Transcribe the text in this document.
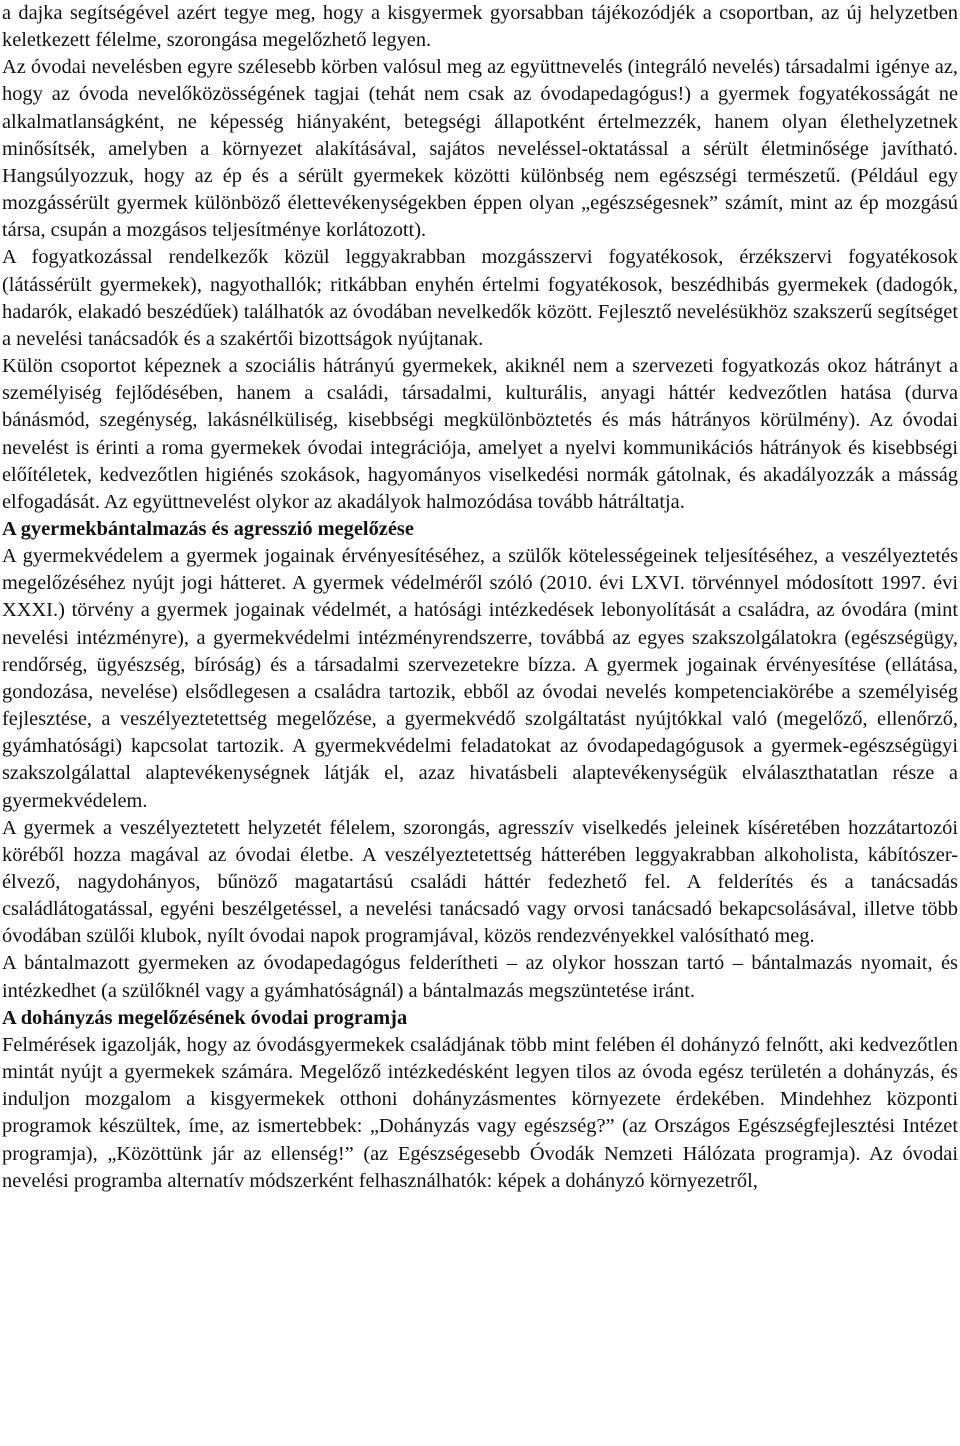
a dajka segítségével azért tegye meg, hogy a kisgyermek gyorsabban tájékozódjék a csoportban, az új helyzetben keletkezett félelme, szorongása megelőzhető legyen.

Az óvodai nevelésben egyre szélesebb körben valósul meg az együttnevelés (integráló nevelés) társadalmi igénye az, hogy az óvoda nevelőközösségének tagjai (tehát nem csak az óvodapedagógus!) a gyermek fogyatékosságát ne alkalmatlanságként, ne képesség hiányaként, betegségi állapotként értelmezzék, hanem olyan élethelyzetnek minősítsék, amelyben a környezet alakításával, sajátos neveléssel-oktatással a sérült életminősége javítható. Hangsúlyozzuk, hogy az ép és a sérült gyermekek közötti különbség nem egészségi természetű. (Például egy mozgássérült gyermek különböző élettevékenységekben éppen olyan „egészségesnek” számít, mint az ép mozgású társa, csupán a mozgásos teljesítménye korlátozott).

A fogyatkozással rendelkezők közül leggyakrabban mozgásszervi fogyatékosok, érzékszervi fogyatékosok (látássérült gyermekek), nagyothallók; ritkábban enyhén értelmi fogyatékosok, beszédhibás gyermekek (dadogók, hadarók, elakadó beszédűek) találhatók az óvodában nevelkedők között. Fejlesztő nevelésükhöz szakszerű segítséget a nevelési tanácsadók és a szakértői bizottságok nyújtanak.

Külön csoportot képeznek a szociális hátrányú gyermekek, akiknél nem a szervezeti fogyatkozás okoz hátrányt a személyiség fejlődésében, hanem a családi, társadalmi, kulturális, anyagi háttér kedvezőtlen hatása (durva bánásmód, szegénység, lakásnélküliség, kisebbségi megkülönböztetés és más hátrányos körülmény). Az óvodai nevelést is érinti a roma gyermekek óvodai integrációja, amelyet a nyelvi kommunikációs hátrányok és kisebbségi előítéletek, kedvezőtlen higiénés szokások, hagyományos viselkedési normák gátolnak, és akadályozzák a másság elfogadását. Az együttnevelést olykor az akadályok halmozódása tovább hátráltatja.

A gyermekbántalmazás és agresszió megelőzése

A gyermekvédelem a gyermek jogainak érvényesítéséhez, a szülők kötelességeinek teljesítéséhez, a veszélyeztetés megelőzéséhez nyújt jogi hátteret. A gyermek védelméről szóló (2010. évi LXVI. törvénnyel módosított 1997. évi XXXI.) törvény a gyermek jogainak védelmét, a hatósági intézkedések lebonyolítását a családra, az óvodára (mint nevelési intézményre), a gyermekvédelmi intézményrendszerre, továbbá az egyes szakszolgálatokra (egészségügy, rendőrség, ügyészség, bíróság) és a társadalmi szervezetekre bízza. A gyermek jogainak érvényesítése (ellátása, gondozása, nevelése) elsődlegesen a családra tartozik, ebből az óvodai nevelés kompetenciakörébe a személyiség fejlesztése, a veszélyeztetettség megelőzése, a gyermekvédő szolgáltatást nyújtókkal való (megelőző, ellenőrző, gyámhatósági) kapcsolat tartozik. A gyermekvédelmi feladatokat az óvodapedagógusok a gyermek-egészségügyi szakszolgálattal alaptevékenységnek látják el, azaz hivatásbeli alaptevékenységük elválaszthatatlan része a gyermekvédelem.

A gyermek a veszélyeztetett helyzetét félelem, szorongás, agresszív viselkedés jeleinek kíséretében hozzátartozói köréből hozza magával az óvodai életbe. A veszélyeztetettség hátterében leggyakrabban alkoholista, kábítószer-élvező, nagydohányos, bűnöző magatartású családi háttér fedezhető fel. A felderítés és a tanácsadás családlátogatással, egyéni beszélgetéssel, a nevelési tanácsadó vagy orvosi tanácsadó bekapcsolásával, illetve több óvodában szülői klubok, nyílt óvodai napok programjával, közös rendezvényekkel valósítható meg.

A bántalmazott gyermeken az óvodapedagógus felderítheti – az olykor hosszan tartó – bántalmazás nyomait, és intézkedhet (a szülőknél vagy a gyámhatóságnál) a bántalmazás megszüntetése iránt.

A dohányzás megelőzésének óvodai programja

Felmérések igazolják, hogy az óvodásgyermekek családjának több mint felében él dohányzó felnőtt, aki kedvezőtlen mintát nyújt a gyermekek számára. Megelőző intézkedésként legyen tilos az óvoda egész területén a dohányzás, és induljon mozgalom a kisgyermekek otthoni dohányzásmentes környezete érdekében. Mindehhez központi programok készültek, íme, az ismertebbek: „Dohányzás vagy egészség?” (az Országos Egészségfejlesztési Intézet programja), „Közöttünk jár az ellenség!” (az Egészségesebb Óvodák Nemzeti Hálózata programja). Az óvodai nevelési programba alternatív módszerként felhasználhatók: képek a dohányzó környezetről,
